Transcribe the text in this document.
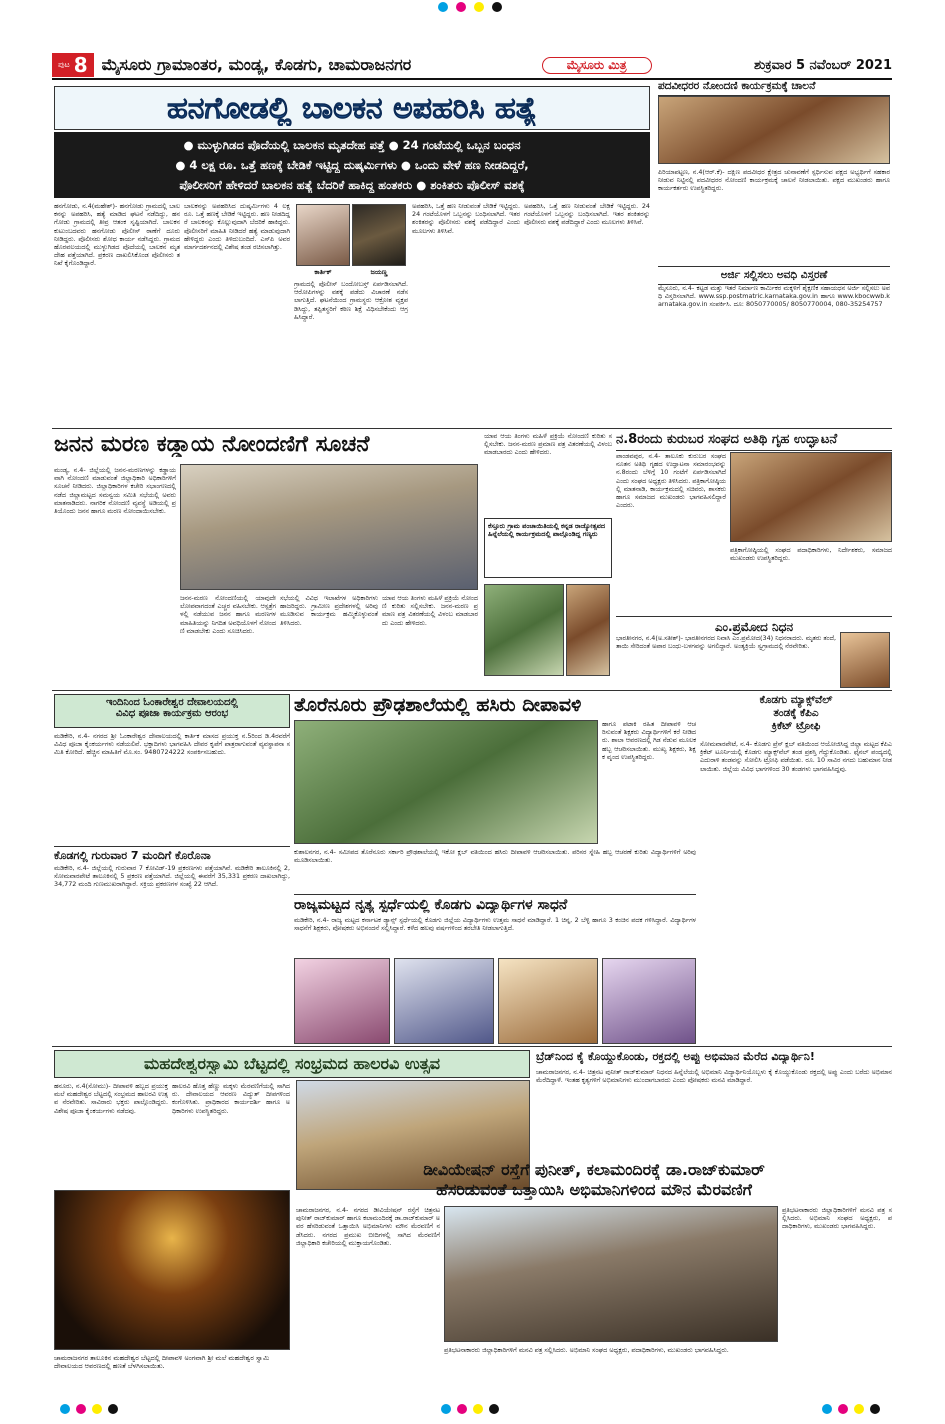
ಪುಟ 8 ಮೈಸೂರು ಗ್ರಾಮಾಂತರ, ಮಂಡ್ಯ, ಕೊಡಗು, ಚಾಮರಾಜನಗರ	ಮೈಸೂರು ಮಿತ್ರ	ಶುಕ್ರವಾರ 5 ನವೆಂಬರ್ 2021
ಹನಗೋಡಲ್ಲಿ ಬಾಲಕನ ಅಪಹರಿಸಿ ಹತ್ಯೆ
● ಮುಳ್ಳುಗಿಡದ ಪೊದೆಯಲ್ಲಿ ಬಾಲಕನ ಮೃತದೇಹ ಪತ್ತೆ ● 24 ಗಂಟೆಯಲ್ಲಿ ಒಬ್ಬನ ಬಂಧನ
● 4 ಲಕ್ಷ ರೂ. ಒತ್ತೆ ಹಣಕ್ಕೆ ಬೇಡಿಕೆ ಇಟ್ಟಿದ್ದ ದುಷ್ಕರ್ಮಿಗಳು ● ಒಂದು ವೇಳೆ ಹಣ ನೀಡದಿದ್ದರೆ,
ಪೊಲೀಸರಿಗೆ ಹೇಳಿದರೆ ಬಾಲಕನ ಹತ್ಯೆ ಬೆದರಿಕೆ ಹಾಕಿದ್ದ ಹಂತಕರು ● ಶಂಕಿತರು ಪೊಲೀಸ್ ವಶಕ್ಕೆ
ಹನಗೋಡು, ನ.4(ಮಹೇಶ್)- ಹನಗೋಡು ಗ್ರಾಮದಲ್ಲಿ ಬಾಲಕನನ್ನು ಅಪಹರಿಸಿ, ಹತ್ಯೆ ಮಾಡಿದ ಘಟನೆ ನಡೆದಿದ್ದು, ಹನಗೋಡು ಗ್ರಾಮದಲ್ಲಿ ತೀವ್ರ ಆತಂಕ ಸೃಷ್ಟಿಯಾಗಿದೆ. ಬಾಲಕನ ಕುಟುಂಬದವರು ಹನಗೋಡು ಪೊಲೀಸ್ ಠಾಣೆಗೆ ದೂರು ನೀಡಿದ್ದರು. ಪೊಲೀಸರು ಶೋಧ ಕಾರ್ಯ ನಡೆಸಿದ್ದರು. ಗ್ರಾಮದ ಹೊರವಲಯದಲ್ಲಿ ಮುಳ್ಳುಗಿಡದ ಪೊದೆಯಲ್ಲಿ ಬಾಲಕನ ಮೃತದೇಹ ಪತ್ತೆಯಾಗಿದೆ. ಪ್ರಕರಣ ದಾಖಲಿಸಿಕೊಂಡ ಪೊಲೀಸರು ತನಿಖೆ ಕೈಗೊಂಡಿದ್ದಾರೆ.
ಬಾಲಕನನ್ನು ಅಪಹರಿಸಿದ ದುಷ್ಕರ್ಮಿಗಳು 4 ಲಕ್ಷ ರೂ. ಒತ್ತೆ ಹಣಕ್ಕೆ ಬೇಡಿಕೆ ಇಟ್ಟಿದ್ದರು. ಹಣ ನೀಡದಿದ್ದರೆ ಬಾಲಕನನ್ನು ಕೊಲ್ಲುವುದಾಗಿ ಬೆದರಿಕೆ ಹಾಕಿದ್ದರು. ಪೊಲೀಸರಿಗೆ ಮಾಹಿತಿ ನೀಡಿದರೆ ಹತ್ಯೆ ಮಾಡುವುದಾಗಿ ಹೇಳಿದ್ದರು ಎಂದು ತಿಳಿದುಬಂದಿದೆ. ಎಸ್‌ಪಿ ಅವರ ಮಾರ್ಗದರ್ಶನದಲ್ಲಿ ವಿಶೇಷ ತಂಡ ರಚಿಸಲಾಗಿತ್ತು.
ಕಾರ್ತಿಕ್	ಜಯಣ್ಣ
ಗ್ರಾಮದಲ್ಲಿ ಪೊಲೀಸ್ ಬಂದೋಬಸ್ತ್ ಏರ್ಪಡಿಸಲಾಗಿದೆ. ಆರೋಪಿಗಳನ್ನು ವಶಕ್ಕೆ ಪಡೆದು ವಿಚಾರಣೆ ನಡೆಸಲಾಗುತ್ತಿದೆ. ಘಟನೆಯಿಂದ ಗ್ರಾಮಸ್ಥರು ಆಕ್ರೋಶ ವ್ಯಕ್ತಪಡಿಸಿದ್ದು, ತಪ್ಪಿತಸ್ಥರಿಗೆ ಕಠಿಣ ಶಿಕ್ಷೆ ವಿಧಿಸಬೇಕೆಂದು ಆಗ್ರಹಿಸಿದ್ದಾರೆ.
ಅಪಹರಿಸಿ, ಒತ್ತೆ ಹಣ ನೀಡುವಂತೆ ಬೇಡಿಕೆ ಇಟ್ಟಿದ್ದರು. 24 ಗಂಟೆಯೊಳಗೆ ಒಬ್ಬನನ್ನು ಬಂಧಿಸಲಾಗಿದೆ. ಇತರ ಶಂಕಿತರನ್ನು ಪೊಲೀಸರು ವಶಕ್ಕೆ ಪಡೆದಿದ್ದಾರೆ ಎಂದು ಮೂಲಗಳು ತಿಳಿಸಿವೆ.
ಅಪಹರಿಸಿ, ಒತ್ತೆ ಹಣ ನೀಡುವಂತೆ ಬೇಡಿಕೆ ಇಟ್ಟಿದ್ದರು. 24 ಗಂಟೆಯೊಳಗೆ ಒಬ್ಬನನ್ನು ಬಂಧಿಸಲಾಗಿದೆ. ಇತರ ಶಂಕಿತರನ್ನು ಪೊಲೀಸರು ವಶಕ್ಕೆ ಪಡೆದಿದ್ದಾರೆ ಎಂದು ಮೂಲಗಳು ತಿಳಿಸಿವೆ.
ಪದವೀಧರರ ನೋಂದಣಿ ಕಾರ್ಯಕ್ರಮಕ್ಕೆ ಚಾಲನೆ
ಪಿರಿಯಾಪಟ್ಟಣ, ನ.4(ಆರ್.ಕೆ)- ದಕ್ಷಿಣ ಪದವೀಧರ ಕ್ಷೇತ್ರದ ಚುನಾವಣೆಗೆ ಸ್ಪರ್ಧಿಸುವ ಪಕ್ಷದ ಅಭ್ಯರ್ಥಿಗೆ ಸಹಕಾರ ನೀಡುವ ನಿಟ್ಟಿನಲ್ಲಿ ಪದವೀಧರರ ನೋಂದಣಿ ಕಾರ್ಯಕ್ರಮಕ್ಕೆ ಚಾಲನೆ ನೀಡಲಾಯಿತು. ಪಕ್ಷದ ಮುಖಂಡರು ಹಾಗೂ ಕಾರ್ಯಕರ್ತರು ಉಪಸ್ಥಿತರಿದ್ದರು.
ಅರ್ಜಿ ಸಲ್ಲಿಸಲು ಅವಧಿ ವಿಸ್ತರಣೆ
ಮೈಸೂರು, ನ.4- ಕಟ್ಟಡ ಮತ್ತು ಇತರೆ ನಿರ್ಮಾಣ ಕಾರ್ಮಿಕರ ಮಕ್ಕಳಿಗೆ ಶೈಕ್ಷಣಿಕ ಸಹಾಯಧನ ಅರ್ಜಿ ಸಲ್ಲಿಸಲು ಅವಧಿ ವಿಸ್ತರಿಸಲಾಗಿದೆ. www.ssp.postmatric.karnataka.gov.in ಹಾಗೂ www.kbocwwb.karnataka.gov.in ಸಂಪರ್ಕಿಸಿ. ದೂ: 8050770005/ 8050770004, 080-35254757
ಜನನ ಮರಣ ಕಡ್ಡಾಯ ನೋಂದಣಿಗೆ ಸೂಚನೆ
ಮಂಡ್ಯ, ನ.4- ಜಿಲ್ಲೆಯಲ್ಲಿ ಜನನ-ಮರಣಗಳನ್ನು ಕಡ್ಡಾಯವಾಗಿ ನೋಂದಣಿ ಮಾಡುವಂತೆ ಜಿಲ್ಲಾಧಿಕಾರಿ ಅಧಿಕಾರಿಗಳಿಗೆ ಸೂಚನೆ ನೀಡಿದರು. ಜಿಲ್ಲಾಧಿಕಾರಿಗಳ ಕಚೇರಿ ಸಭಾಂಗಣದಲ್ಲಿ ನಡೆದ ಜಿಲ್ಲಾಮಟ್ಟದ ಸಮನ್ವಯ ಸಮಿತಿ ಸಭೆಯಲ್ಲಿ ಅವರು ಮಾತನಾಡಿದರು. ನಾಗರಿಕ ನೋಂದಣಿ ವ್ಯವಸ್ಥೆ ಅಡಿಯಲ್ಲಿ ಪ್ರತಿಯೊಂದು ಜನನ ಹಾಗೂ ಮರಣ ನೋಂದಾಯಿಸಬೇಕು.
ಜನನ-ಮರಣ ನೋಂದಣಿಯಲ್ಲಿ ಯಾವುದೇ ಲೋಪವಾಗದಂತೆ ಎಚ್ಚರ ವಹಿಸಬೇಕು. ಆಸ್ಪತ್ರೆಗಳಲ್ಲಿ ನಡೆಯುವ ಜನನ ಹಾಗೂ ಮರಣಗಳ ಮಾಹಿತಿಯನ್ನು ನಿಗದಿತ ಅವಧಿಯೊಳಗೆ ನೋಂದಣಿ ಮಾಡಬೇಕು ಎಂದು ಸೂಚಿಸಿದರು.
ಸಭೆಯಲ್ಲಿ ವಿವಿಧ ಇಲಾಖೆಗಳ ಅಧಿಕಾರಿಗಳು ಹಾಜರಿದ್ದರು. ಗ್ರಾಮೀಣ ಪ್ರದೇಶಗಳಲ್ಲಿ ಅರಿವು ಮೂಡಿಸುವ ಕಾರ್ಯಕ್ರಮ ಹಮ್ಮಿಕೊಳ್ಳುವಂತೆ ತಿಳಿಸಿದರು.
ಯಾವ ಆಯ ತಿಂಗಳು ಮಹಿಳೆ ಪ್ರಕ್ರಿಯೆ ನೋಂದಣಿ ಕುರಿತು ಸಲ್ಲಿಸಬೇಕು. ಜನನ-ಮರಣ ಪ್ರಮಾಣ ಪತ್ರ ವಿತರಣೆಯಲ್ಲಿ ವಿಳಂಬ ಮಾಡಬಾರದು ಎಂದು ಹೇಳಿದರು.
ಯಾವ ಆಯ ತಿಂಗಳು ಮಹಿಳೆ ಪ್ರಕ್ರಿಯೆ ನೋಂದಣಿ ಕುರಿತು ಸಲ್ಲಿಸಬೇಕು. ಜನನ-ಮರಣ ಪ್ರಮಾಣ ಪತ್ರ ವಿತರಣೆಯಲ್ಲಿ ವಿಳಂಬ ಮಾಡಬಾರದು ಎಂದು ಹೇಳಿದರು.
ಕೆಸ್ತೂರು ಗ್ರಾಮ ಪಂಚಾಯಿತಿಯಲ್ಲಿ ಕನ್ನಡ ರಾಜ್ಯೋತ್ಸವದ ಹಿನ್ನೆಲೆಯಲ್ಲಿ ಕಾರ್ಯಕ್ರಮದಲ್ಲಿ ಪಾಲ್ಗೊಂಡಿದ್ದ ಗಣ್ಯರು
ನ.8ರಂದು ಕುರುಬರ ಸಂಘದ ಅತಿಥಿ ಗೃಹ ಉದ್ಘಾಟನೆ
ಪಾಂಡವಪುರ, ನ.4- ತಾಲೂಕು ಕುರುಬರ ಸಂಘದ ನೂತನ ಅತಿಥಿ ಗೃಹದ ಉದ್ಘಾಟನಾ ಸಮಾರಂಭವನ್ನು ನ.8ರಂದು ಬೆಳಿಗ್ಗೆ 10 ಗಂಟೆಗೆ ಏರ್ಪಡಿಸಲಾಗಿದೆ ಎಂದು ಸಂಘದ ಅಧ್ಯಕ್ಷರು ತಿಳಿಸಿದರು. ಪತ್ರಿಕಾಗೋಷ್ಠಿಯಲ್ಲಿ ಮಾತನಾಡಿ, ಕಾರ್ಯಕ್ರಮದಲ್ಲಿ ಸಚಿವರು, ಶಾಸಕರು ಹಾಗೂ ಸಮಾಜದ ಮುಖಂಡರು ಭಾಗವಹಿಸಲಿದ್ದಾರೆ ಎಂದರು.
ಪತ್ರಿಕಾಗೋಷ್ಠಿಯಲ್ಲಿ ಸಂಘದ ಪದಾಧಿಕಾರಿಗಳು, ನಿರ್ದೇಶಕರು, ಸಮಾಜದ ಮುಖಂಡರು ಉಪಸ್ಥಿತರಿದ್ದರು.
ಎಂ.ಪ್ರಮೋದ ನಿಧನ
ಭಾರತೀನಗರ, ನ.4(ಅ.ಸತೀಶ್)- ಭಾರತೀನಗರದ ನಿವಾಸಿ ಎಂ.ಪ್ರಮೋದ(34) ನಿಧನರಾದರು. ಮೃತರು ತಂದೆ, ತಾಯಿ ಸೇರಿದಂತೆ ಅಪಾರ ಬಂಧು-ಬಳಗವನ್ನು ಅಗಲಿದ್ದಾರೆ. ಅಂತ್ಯಕ್ರಿಯೆ ಸ್ವಗ್ರಾಮದಲ್ಲಿ ನೆರವೇರಿತು.
ಇಂದಿನಿಂದ ಓಂಕಾರೇಶ್ವರ ದೇವಾಲಯದಲ್ಲಿ
ವಿವಿಧ ಪೂಜಾ ಕಾರ್ಯಕ್ರಮ ಆರಂಭ
ಮಡಿಕೇರಿ, ನ.4- ನಗರದ ಶ್ರೀ ಓಂಕಾರೇಶ್ವರ ದೇವಾಲಯದಲ್ಲಿ ಕಾರ್ತಿಕ ಮಾಸದ ಪ್ರಯುಕ್ತ ನ.5ರಿಂದ ಡಿ.4ರವರೆಗೆ ವಿವಿಧ ಪೂಜಾ ಕೈಂಕರ್ಯಗಳು ನಡೆಯಲಿವೆ. ಭಕ್ತಾದಿಗಳು ಭಾಗವಹಿಸಿ ದೇವರ ಕೃಪೆಗೆ ಪಾತ್ರರಾಗುವಂತೆ ವ್ಯವಸ್ಥಾಪನಾ ಸಮಿತಿ ಕೋರಿದೆ. ಹೆಚ್ಚಿನ ಮಾಹಿತಿಗೆ ಮೊ.ಸಂ. 9480724222 ಸಂಪರ್ಕಿಸಬಹುದು.
ಕೊಡಗಲ್ಲಿ ಗುರುವಾರ 7 ಮಂದಿಗೆ ಕೊರೊನಾ
ಮಡಿಕೇರಿ, ನ.4- ಜಿಲ್ಲೆಯಲ್ಲಿ ಗುರುವಾರ 7 ಕೋವಿಡ್-19 ಪ್ರಕರಣಗಳು ಪತ್ತೆಯಾಗಿವೆ. ಮಡಿಕೇರಿ ತಾಲೂಕಿನಲ್ಲಿ 2, ಸೋಮವಾರಪೇಟೆ ತಾಲೂಕಿನಲ್ಲಿ 5 ಪ್ರಕರಣ ಪತ್ತೆಯಾಗಿದೆ. ಜಿಲ್ಲೆಯಲ್ಲಿ ಈವರೆಗೆ 35,331 ಪ್ರಕರಣ ದಾಖಲಾಗಿದ್ದು, 34,772 ಮಂದಿ ಗುಣಮುಖರಾಗಿದ್ದಾರೆ. ಸಕ್ರಿಯ ಪ್ರಕರಣಗಳ ಸಂಖ್ಯೆ 22 ಆಗಿದೆ.
ತೊರೆನೂರು ಪ್ರೌಢಶಾಲೆಯಲ್ಲಿ ಹಸಿರು ದೀಪಾವಳಿ
ಹಾಗೂ ಪಟಾಕಿ ರಹಿತ ದೀಪಾವಳಿ ಆಚರಿಸುವಂತೆ ಶಿಕ್ಷಕರು ವಿದ್ಯಾರ್ಥಿಗಳಿಗೆ ಕರೆ ನೀಡಿದರು. ಶಾಲಾ ಆವರಣದಲ್ಲಿ ಗಿಡ ನೆಡುವ ಮೂಲಕ ಹಬ್ಬ ಆಚರಿಸಲಾಯಿತು. ಮುಖ್ಯ ಶಿಕ್ಷಕರು, ಶಿಕ್ಷಕ ವೃಂದ ಉಪಸ್ಥಿತರಿದ್ದರು.
ಕುಶಾಲನಗರ, ನ.4- ಸಮೀಪದ ತೊರೆನೂರು ಸರ್ಕಾರಿ ಪ್ರೌಢಶಾಲೆಯಲ್ಲಿ ಇಕೋ ಕ್ಲಬ್ ವತಿಯಿಂದ ಹಸಿರು ದೀಪಾವಳಿ ಆಚರಿಸಲಾಯಿತು. ಪರಿಸರ ಸ್ನೇಹಿ ಹಬ್ಬ ಆಚರಣೆ ಕುರಿತು ವಿದ್ಯಾರ್ಥಿಗಳಿಗೆ ಅರಿವು ಮೂಡಿಸಲಾಯಿತು.
ಕೊಡಗು ಮ್ಯಾಕ್ಸ್‌ವೆಲ್
ತಂಡಕ್ಕೆ ಕೆಪಿಎ
ಕ್ರಿಕೆಟ್ ಟ್ರೋಫಿ
ಸೋಮವಾರಪೇಟೆ, ನ.4- ಕೊಡಗು ಪ್ರೆಸ್ ಕ್ಲಬ್ ವತಿಯಿಂದ ಆಯೋಜಿಸಿದ್ದ ಜಿಲ್ಲಾ ಮಟ್ಟದ ಕೆಪಿಎ ಕ್ರಿಕೆಟ್ ಟೂರ್ನಿಯಲ್ಲಿ ಕೊಡಗು ಮ್ಯಾಕ್ಸ್‌ವೆಲ್ ತಂಡ ಪ್ರಶಸ್ತಿ ಗೆದ್ದುಕೊಂಡಿತು. ಫೈನಲ್ ಪಂದ್ಯದಲ್ಲಿ ಎದುರಾಳಿ ತಂಡವನ್ನು ಸೋಲಿಸಿ ಟ್ರೋಫಿ ಪಡೆಯಿತು. ರೂ. 10 ಸಾವಿರ ನಗದು ಬಹುಮಾನ ನೀಡಲಾಯಿತು. ಜಿಲ್ಲೆಯ ವಿವಿಧ ಭಾಗಗಳಿಂದ 30 ತಂಡಗಳು ಭಾಗವಹಿಸಿದ್ದವು.
ರಾಜ್ಯಮಟ್ಟದ ನೃತ್ಯ ಸ್ಪರ್ಧೆಯಲ್ಲಿ ಕೊಡಗು ವಿದ್ಯಾರ್ಥಿಗಳ ಸಾಧನೆ
ಮಡಿಕೇರಿ, ನ.4- ರಾಜ್ಯ ಮಟ್ಟದ ಕರ್ನಾಟಕ ಡ್ಯಾನ್ಸ್ ಸ್ಪರ್ಧೆಯಲ್ಲಿ ಕೊಡಗು ಜಿಲ್ಲೆಯ ವಿದ್ಯಾರ್ಥಿಗಳು ಉತ್ತಮ ಸಾಧನೆ ಮಾಡಿದ್ದಾರೆ. 1 ಚಿನ್ನ, 2 ಬೆಳ್ಳಿ ಹಾಗೂ 3 ಕಂಚಿನ ಪದಕ ಗಳಿಸಿದ್ದಾರೆ. ವಿದ್ಯಾರ್ಥಿಗಳ ಸಾಧನೆಗೆ ಶಿಕ್ಷಕರು, ಪೋಷಕರು ಅಭಿನಂದನೆ ಸಲ್ಲಿಸಿದ್ದಾರೆ. ಕಳೆದ ಹಲವು ವರ್ಷಗಳಿಂದ ತರಬೇತಿ ನೀಡಲಾಗುತ್ತಿದೆ.
ಮಹದೇಶ್ವರಸ್ವಾಮಿ ಬೆಟ್ಟದಲ್ಲಿ ಸಂಭ್ರಮದ ಹಾಲರವಿ ಉತ್ಸವ
ಹನೂರು, ನ.4(ಸೋಮು)- ದೀಪಾವಳಿ ಹಬ್ಬದ ಪ್ರಯುಕ್ತ ಮಲೆ ಮಹದೇಶ್ವರ ಬೆಟ್ಟದಲ್ಲಿ ಸಂಭ್ರಮದ ಹಾಲರವಿ ಉತ್ಸವ ನೆರವೇರಿತು. ಸಾವಿರಾರು ಭಕ್ತರು ಪಾಲ್ಗೊಂಡಿದ್ದರು. ವಿಶೇಷ ಪೂಜಾ ಕೈಂಕರ್ಯಗಳು ನಡೆದವು.
ಹಾಲರವಿ ಹೊತ್ತ ಹೆಣ್ಣು ಮಕ್ಕಳು ಮೆರವಣಿಗೆಯಲ್ಲಿ ಸಾಗಿದರು. ದೇವಾಲಯದ ಆವರಣ ವಿದ್ಯುತ್ ದೀಪಗಳಿಂದ ಕಂಗೊಳಿಸಿತು. ಪ್ರಾಧಿಕಾರದ ಕಾರ್ಯದರ್ಶಿ ಹಾಗೂ ಅಧಿಕಾರಿಗಳು ಉಪಸ್ಥಿತರಿದ್ದರು.
ಚಾಮರಾಜನಗರ ತಾಲೂಕಿನ ಮಹದೇಶ್ವರ ಬೆಟ್ಟದಲ್ಲಿ ದೀಪಾವಳಿ ಅಂಗವಾಗಿ ಶ್ರೀ ಮಲೆ ಮಹದೇಶ್ವರ ಸ್ವಾಮಿ ದೇವಾಲಯದ ಆವರಣದಲ್ಲಿ ಹಣತೆ ಬೆಳಗಿಸಲಾಯಿತು.
ಬ್ರೆಡ್‌ನಿಂದ ಕೈ ಕೊಯ್ದುಕೊಂಡು, ರಕ್ತದಲ್ಲಿ ಅಪ್ಪು ಅಭಿಮಾನ ಮೆರೆದ ವಿದ್ಯಾರ್ಥಿನಿ!
ಚಾಮರಾಜನಗರ, ನ.4- ಚಿತ್ರನಟ ಪುನೀತ್ ರಾಜ್‌ಕುಮಾರ್ ನಿಧನದ ಹಿನ್ನೆಲೆಯಲ್ಲಿ ಅಭಿಮಾನಿ ವಿದ್ಯಾರ್ಥಿನಿಯೊಬ್ಬಳು ಕೈ ಕೊಯ್ದುಕೊಂಡು ರಕ್ತದಲ್ಲಿ ಅಪ್ಪು ಎಂದು ಬರೆದು ಅಭಿಮಾನ ಮೆರೆದಿದ್ದಾಳೆ. ಇಂತಹ ಕೃತ್ಯಗಳಿಗೆ ಅಭಿಮಾನಿಗಳು ಮುಂದಾಗಬಾರದು ಎಂದು ಪೋಷಕರು ಮನವಿ ಮಾಡಿದ್ದಾರೆ.
ಡೀವಿಯೇಷನ್ ರಸ್ತೆಗೆ ಪುನೀತ್, ಕಲಾಮಂದಿರಕ್ಕೆ ಡಾ.ರಾಜ್‌ಕುಮಾರ್
ಹೆಸರಿಡುವಂತೆ ಒತ್ತಾಯಿಸಿ ಅಭಿಮಾನಿಗಳಿಂದ ಮೌನ ಮೆರವಣಿಗೆ
ಚಾಮರಾಜನಗರ, ನ.4- ನಗರದ ಡೀವಿಯೇಷನ್ ರಸ್ತೆಗೆ ಚಿತ್ರನಟ ಪುನೀತ್ ರಾಜ್‌ಕುಮಾರ್ ಹಾಗೂ ಕಲಾಮಂದಿರಕ್ಕೆ ಡಾ.ರಾಜ್‌ಕುಮಾರ್ ಅವರ ಹೆಸರಿಡುವಂತೆ ಒತ್ತಾಯಿಸಿ ಅಭಿಮಾನಿಗಳು ಮೌನ ಮೆರವಣಿಗೆ ನಡೆಸಿದರು. ನಗರದ ಪ್ರಮುಖ ಬೀದಿಗಳಲ್ಲಿ ಸಾಗಿದ ಮೆರವಣಿಗೆ ಜಿಲ್ಲಾಧಿಕಾರಿ ಕಚೇರಿಯಲ್ಲಿ ಮುಕ್ತಾಯಗೊಂಡಿತು.
ಪ್ರತಿಭಟನಾಕಾರರು ಜಿಲ್ಲಾಧಿಕಾರಿಗಳಿಗೆ ಮನವಿ ಪತ್ರ ಸಲ್ಲಿಸಿದರು. ಅಭಿಮಾನಿ ಸಂಘದ ಅಧ್ಯಕ್ಷರು, ಪದಾಧಿಕಾರಿಗಳು, ಮುಖಂಡರು ಭಾಗವಹಿಸಿದ್ದರು.
ಪ್ರತಿಭಟನಾಕಾರರು ಜಿಲ್ಲಾಧಿಕಾರಿಗಳಿಗೆ ಮನವಿ ಪತ್ರ ಸಲ್ಲಿಸಿದರು. ಅಭಿಮಾನಿ ಸಂಘದ ಅಧ್ಯಕ್ಷರು, ಪದಾಧಿಕಾರಿಗಳು, ಮುಖಂಡರು ಭಾಗವಹಿಸಿದ್ದರು.
